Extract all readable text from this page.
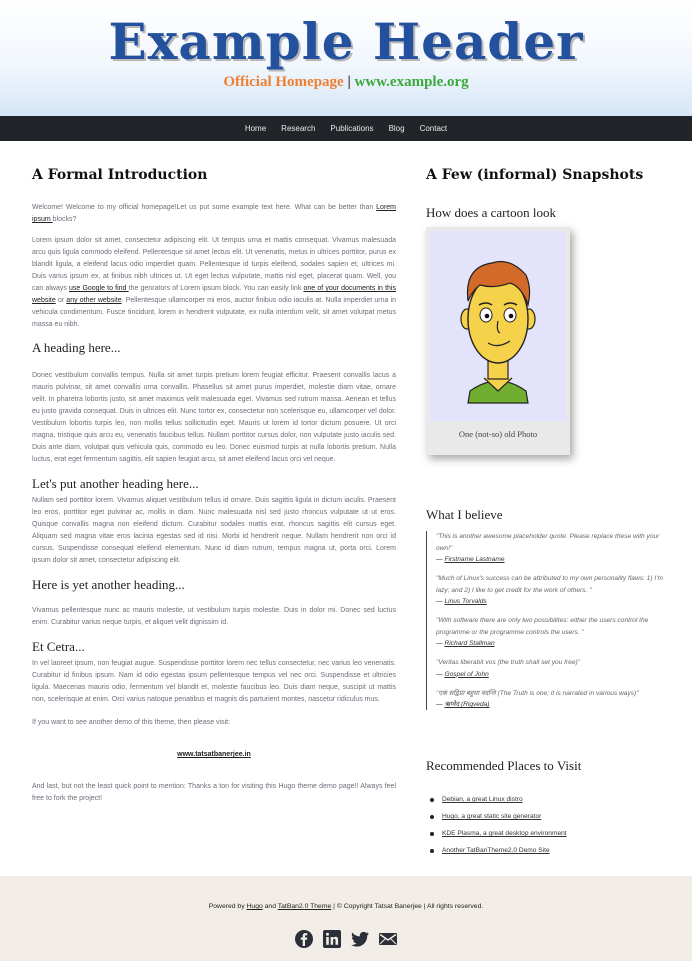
Example Header
Official Homepage | www.example.org
Home	Research	Publications	Blog	Contact
A Formal Introduction

Welcome! Welcome to my official homepage!Let us put some example text here. What can be better than Lorem ipsum blocks?

Lorem ipsum dolor sit amet, consectetur adipiscing elit. Ut tempus urna et mattis consequat. Vivamus malesuada arcu quis ligula commodo eleifend. Pellentesque sit amet lectus elit. Ut venenatis, metus in ultrices porttitor, purus ex blandit ligula, a eleifend lacus odio imperdiet quam. Pellentesque id turpis eleifend, sodales sapien et, ultrices mi. Duis varius ipsum ex, at finibus nibh ultrices ut. Ut eget lectus vulputate, mattis nisl eget, placerat quam. Well, you can always use Google to find the genrators of Lorem ipsum block. You can easily link one of your documents in this website or any other website. Pellentesque ullamcorper mi eros, auctor finibus odio iaculis at. Nulla imperdiet urna in vehicula condimentum. Fusce tincidunt, lorem in hendrerit vulputate, ex nulla interdum velit, sit amet volutpat metus massa eu nibh.

A heading here...

Donec vestibulum convallis tempus. Nulla sit amet turpis pretium lorem feugiat efficitur. Praesent convallis lacus a mauris pulvinar, sit amet convallis urna convallis. Phasellus sit amet purus imperdiet, molestie diam vitae, ornare velit. In pharetra lobortis justo, sit amet maximus velit malesuada eget. Vivamus sed rutrum massa. Aenean et tellus eu justo gravida consequat. Duis in ultrices elit. Nunc tortor ex, consectetur non scelerisque eu, ullamcorper vel dolor. Vestibulum lobortis turpis leo, non mollis tellus sollicitudin eget. Mauris ut lorem id tortor dictum posuere. Ut orci magna, tristique quis arcu eu, venenatis faucibus tellus. Nullam porttitor cursus dolor, non vulputate justo iaculis sed. Duis ante diam, volutpat quis vehicula quis, commodo eu leo. Donec euismod turpis at nulla lobortis pretium. Nulla luctus, erat eget fermentum sagittis, elit sapien feugiat arcu, sit amet eleifend lacus orci vel neque.

Let's put another heading here...

Nullam sed porttitor lorem. Vivamus aliquet vestibulum tellus id ornare. Duis sagittis ligula in dictum iaculis. Praesent leo eros, porttitor eget pulvinar ac, mollis in diam. Nunc malesuada nisl sed justo rhoncus vulputate ut ut eros. Quisque convallis magna non eleifend dictum. Curabitur sodales mattis erat, rhoncus sagittis elit cursus eget. Aliquam sed magna vitae eros lacinia egestas sed id nisi. Morbi id hendrerit neque. Nullam hendrerit non orci id cursus. Suspendisse consequat eleifend elementum. Nunc id diam rutrum, tempus magna ut, porta orci. Lorem ipsum dolor sit amet, consectetur adipiscing elit.

Here is yet another heading...

Vivamus pellentesque nunc ac mauris molestie, ut vestibulum turpis molestie. Duis in dolor mi. Donec sed luctus enim. Curabitur varius neque turpis, et aliquet velit dignissim id.

Et Cetra...

In vel laoreet ipsum, non feugiat augue. Suspendisse porttitor lorem nec tellus consectetur, nec varius leo venenatis. Curabitur id finibus ipsum. Nam id odio egestas ipsum pellentesque tempus vel nec orci. Suspendisse et ultricies ligula. Maecenas mauris odio, fermentum vel blandit et, molestie faucibus leo. Duis diam neque, suscipit ut mattis non, scelerisque at enim. Orci varius natoque penatibus et magnis dis parturient montes, nascetur ridiculus mus.

If you want to see another demo of this theme, then please visit:

www.tatsatbanerjee.in

And last, but not the least quick point to mention: Thanks a ton for visiting this Hugo theme demo page!! Always feel free to fork the project!

A Few (informal) Snapshots
How does a cartoon look
One (not-so) old Photo
What I believe
"This is another awesome placeholder quote. Please replace these with your own!"
— Firstname Lastname
"Much of Linux's success can be attributed to my own personality flaws: 1) I'm lazy; and 2) I like to get credit for the work of others. "
— Linus Torvalds
"With software there are only two possibilites: either the users control the programme or the programme controls the users. "
— Richard Stallman
"Veritas liberabit vos (the truth shall set you free)"
— Gospel of John
"एकं सद्विप्रा बहुधा वदन्ति (The Truth is one; it is narrated in various ways)"
— ऋग्वेद (Rigveda)
Recommended Places to Visit
Debian, a great Linux distro
Hugo, a great static site generator
KDE Plasma, a great desktop environment
Another TatBanTheme2.0 Demo Site
Powered by Hugo and TatBan2.0 Theme | © Copyright Tatsat Banerjee | All rights reserved.
